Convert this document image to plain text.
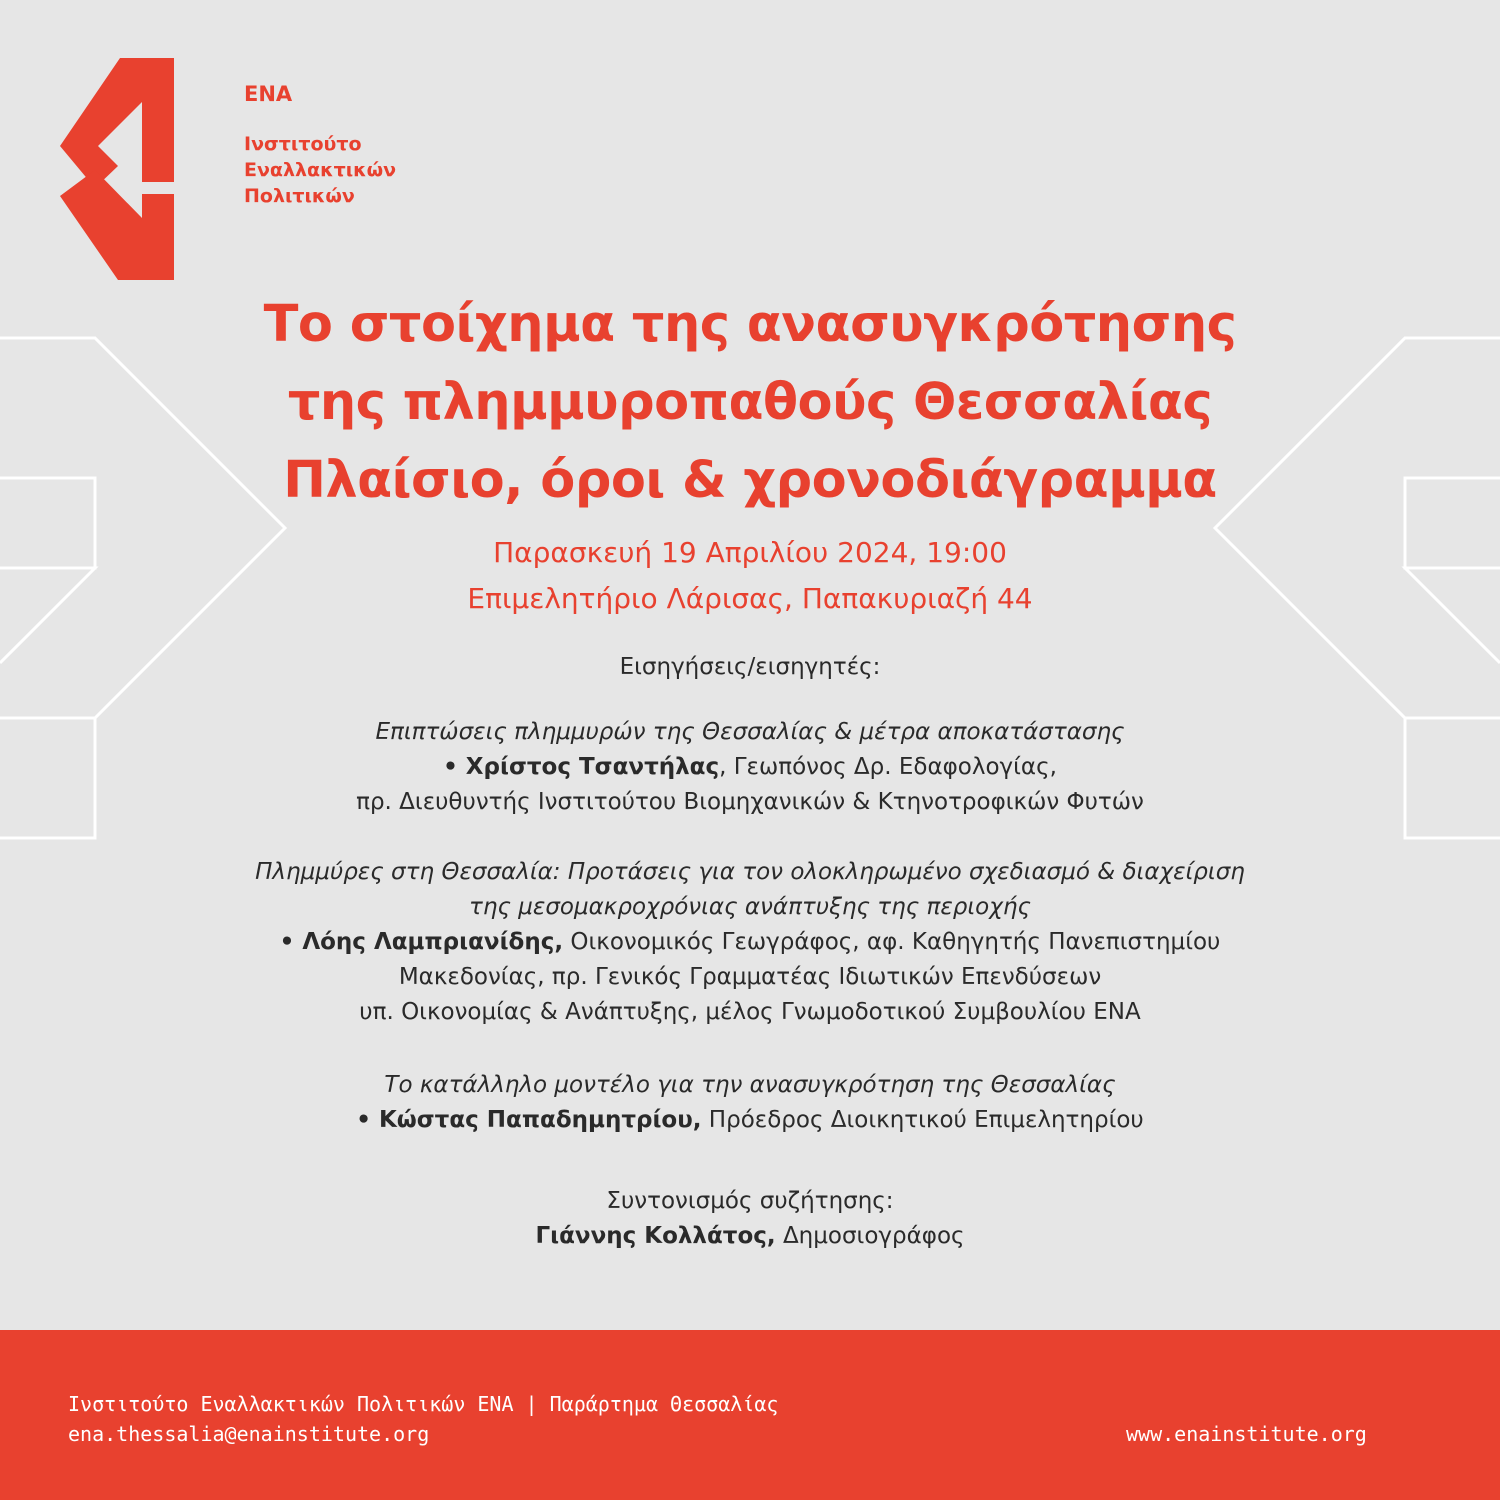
ΕΝΑ
Ινστιτούτο
Εναλλακτικών
Πολιτικών
Το στοίχημα της ανασυγκρότησης
της πλημμυροπαθούς Θεσσαλίας
Πλαίσιο, όροι & χρονοδιάγραμμα
Παρασκευή 19 Απριλίου 2024, 19:00
Επιμελητήριο Λάρισας, Παπακυριαζή 44
Εισηγήσεις/εισηγητές:
Επιπτώσεις πλημμυρών της Θεσσαλίας & μέτρα αποκατάστασης
• Χρίστος Τσαντήλας, Γεωπόνος Δρ. Εδαφολογίας,
πρ. Διευθυντής Ινστιτούτου Βιομηχανικών & Κτηνοτροφικών Φυτών
Πλημμύρες στη Θεσσαλία: Προτάσεις για τον ολοκληρωμένο σχεδιασμό & διαχείριση
της μεσομακροχρόνιας ανάπτυξης της περιοχής
• Λόης Λαμπριανίδης, Οικονομικός Γεωγράφος, αφ. Καθηγητής Πανεπιστημίου
Μακεδονίας, πρ. Γενικός Γραμματέας Ιδιωτικών Επενδύσεων
υπ. Οικονομίας & Ανάπτυξης, μέλος Γνωμοδοτικού Συμβουλίου ΕΝΑ
Το κατάλληλο μοντέλο για την ανασυγκρότηση της Θεσσαλίας
• Κώστας Παπαδημητρίου, Πρόεδρος Διοικητικού Επιμελητηρίου
Συντονισμός συζήτησης:
Γιάννης Κολλάτος, Δημοσιογράφος
Ινστιτούτο Εναλλακτικών Πολιτικών ΕΝΑ | Παράρτημα Θεσσαλίας
ena.thessalia@enainstitute.org	www.enainstitute.org
